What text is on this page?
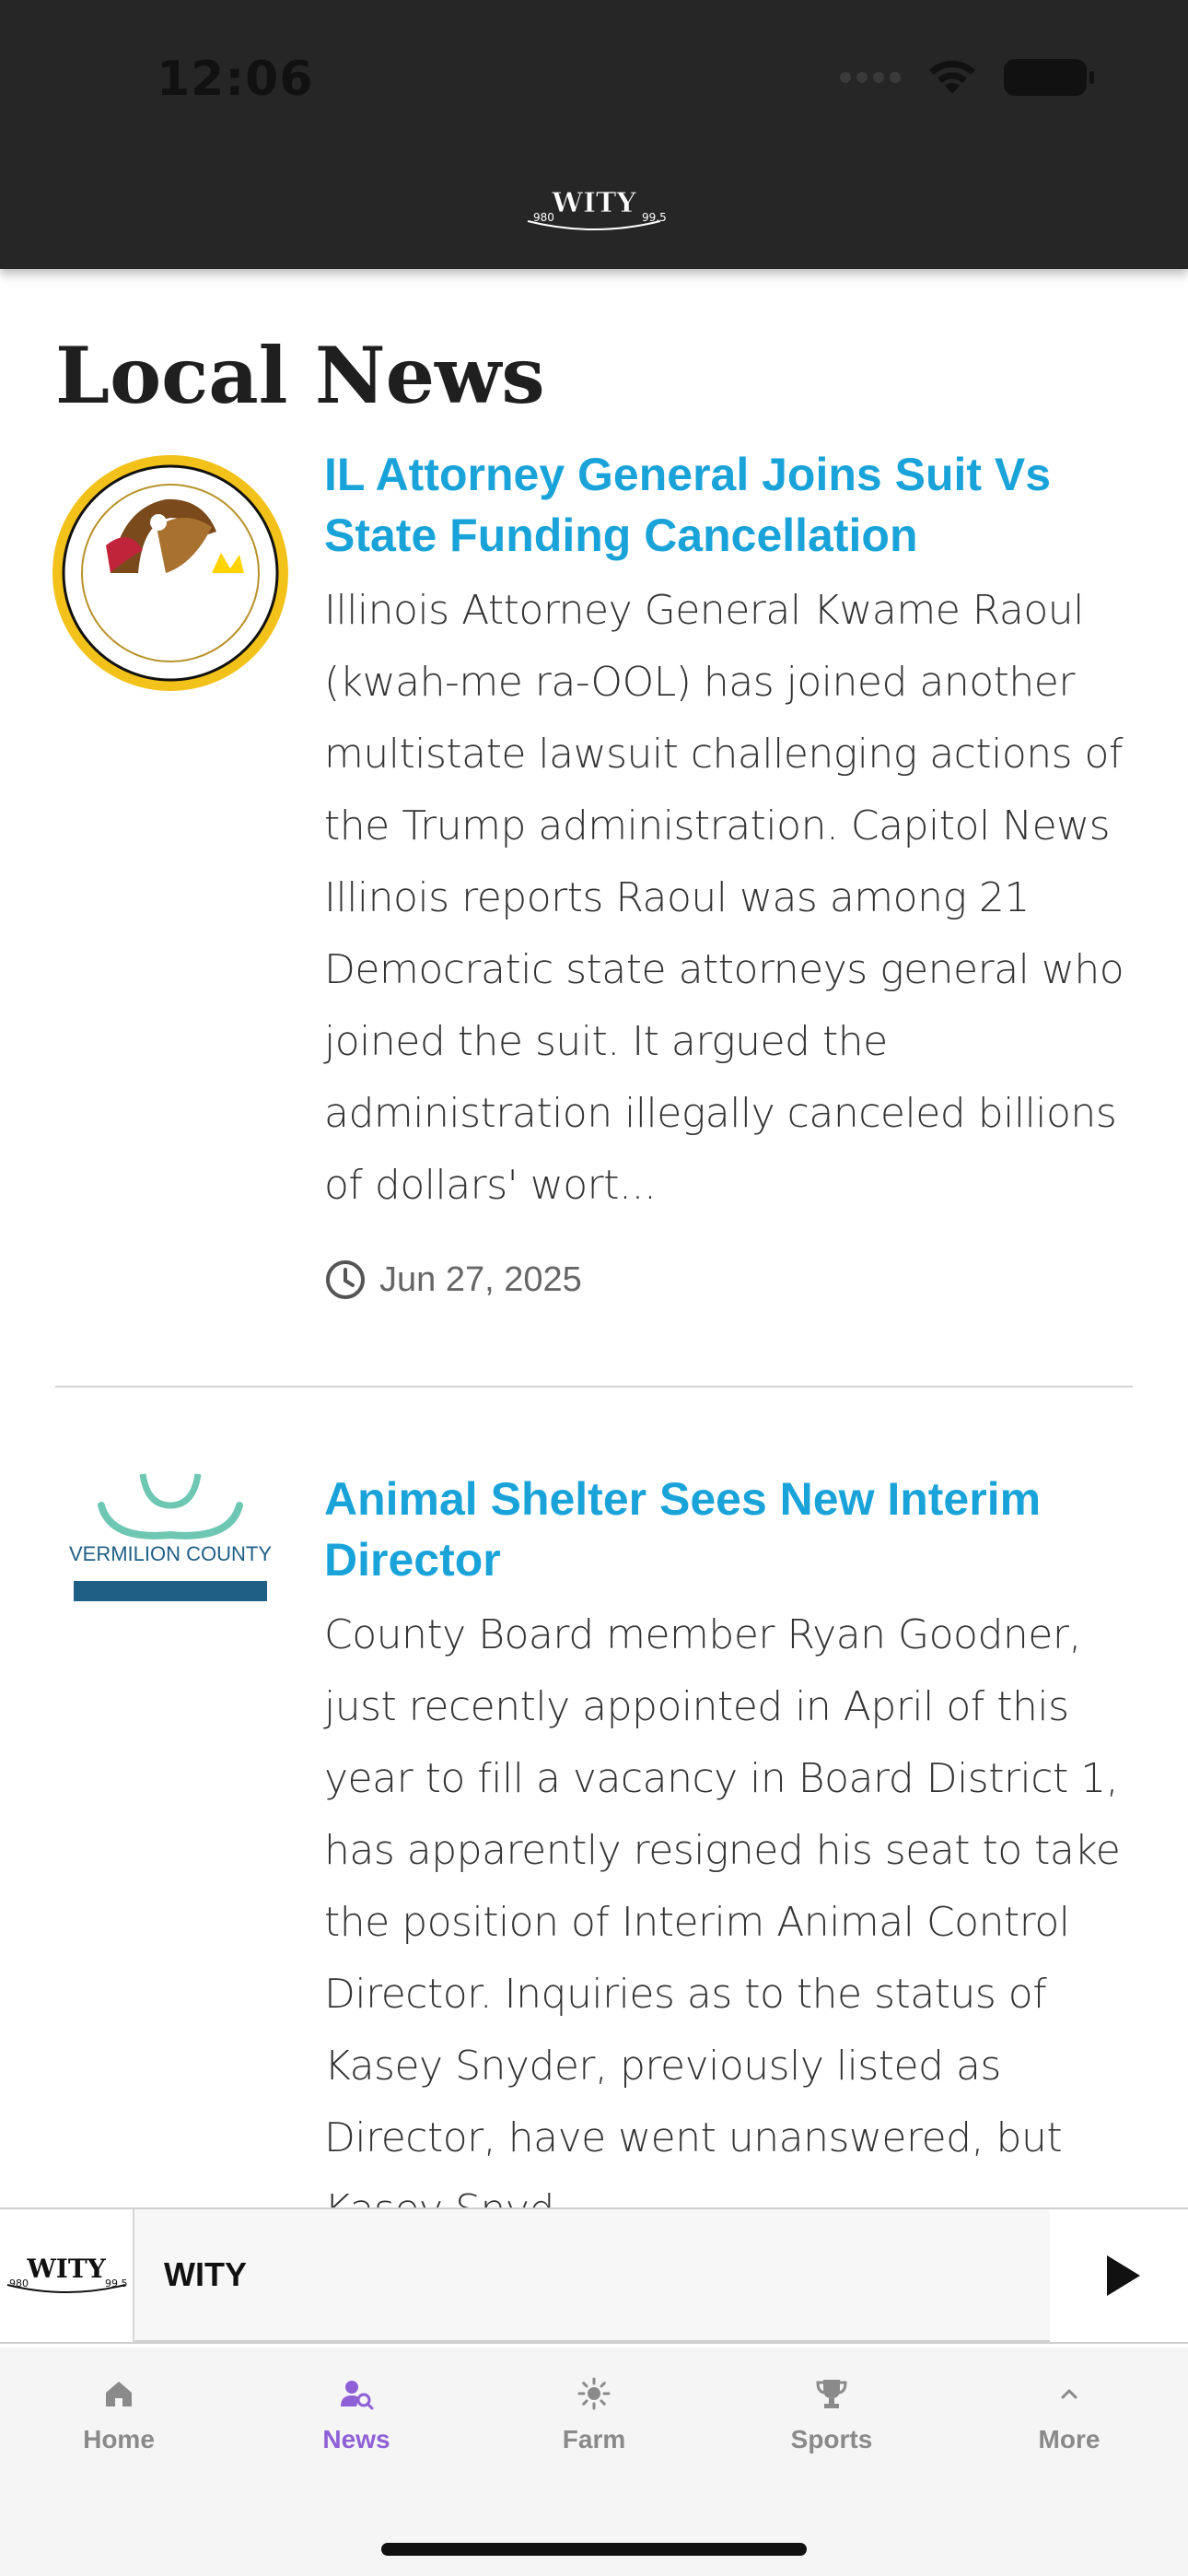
12:06
WITY
980	99.5
Local News
IL Attorney General Joins Suit Vs State Funding Cancellation
Illinois Attorney General Kwame Raoul (kwah-me ra-OOL) has joined another multistate lawsuit challenging actions of the Trump administration. Capitol News Illinois reports Raoul was among 21 Democratic state attorneys general who joined the suit. It argued the administration illegally canceled billions of dollars' wort...
Jun 27, 2025
VERMILION COUNTY
Animal Shelter Sees New Interim Director
County Board member Ryan Goodner, just recently appointed in April of this year to fill a vacancy in Board District 1, has apparently resigned his seat to take the position of Interim Animal Control Director. Inquiries as to the status of Kasey Snyder, previously listed as Director, have went unanswered, but
WITY
980	99.5 WITY
Home	News	Farm	Sports	More
